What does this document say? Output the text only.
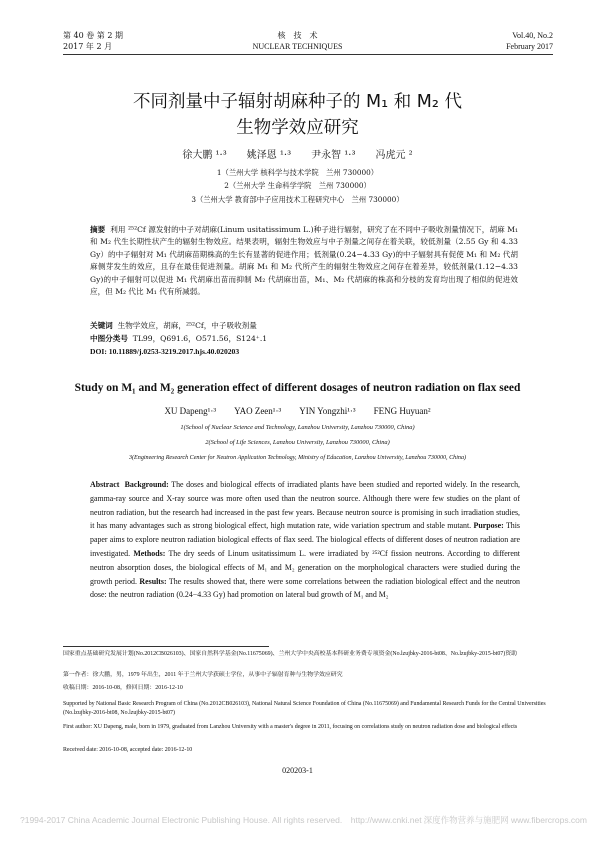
第 40 卷 第 2 期
2017 年 2 月
核　技　术
NUCLEAR TECHNIQUES
Vol.40, No.2
February 2017
不同剂量中子辐射胡麻种子的 M₁ 和 M₂ 代
生物学效应研究
徐大鹏 ¹·³　　姚泽恩 ¹·³　　尹永智 ¹·³　　冯虎元 ²
1（兰州大学 核科学与技术学院　兰州 730000）
2（兰州大学 生命科学学院　兰州 730000）
3（兰州大学 教育部中子应用技术工程研究中心　兰州 730000）
摘要 利用 ²⁵²Cf 源发射的中子对胡麻(Linum usitatissimum L.)种子进行辐射，研究了在不同中子吸收剂量情况下，胡麻 M₁ 和 M₂ 代生长期性状产生的辐射生物效应。结果表明，辐射生物效应与中子剂量之间存在着关联，较低剂量（2.55 Gy 和 4.33 Gy）的中子辐射对 M₁ 代胡麻苗期株高的生长有显著的促进作用；低剂量(0.24−4.33 Gy)的中子辐射具有促使 M₁ 和 M₂ 代胡麻侧芽发生的效应，且存在最佳促进剂量。胡麻 M₁ 和 M₂ 代所产生的辐射生物效应之间存在着差异，较低剂量(1.12−4.33 Gy)的中子辐射可以促进 M₁ 代胡麻出苗而抑制 M₂ 代胡麻出苗，M₁、M₂ 代胡麻的株高和分枝的发育均出现了相似的促进效应，但 M₂ 代比 M₁ 代有所减弱。
关键词 生物学效应，胡麻，²⁵²Cf，中子吸收剂量
中图分类号 TL99，Q691.6，O571.56，S124⁺.1
DOI: 10.11889/j.0253-3219.2017.hjs.40.020203
Study on M₁ and M₂ generation effect of different dosages of neutron radiation on flax seed
XU Dapeng¹·³　　YAO Zeen¹·³　　YIN Yongzhi¹·³　　FENG Huyuan²
1(School of Nuclear Science and Technology, Lanzhou University, Lanzhou 730000, China)
2(School of Life Sciences, Lanzhou University, Lanzhou 730000, China)
3(Engineering Research Center for Neutron Application Technology, Ministry of Education, Lanzhou University, Lanzhou 730000, China)
Abstract Background: The doses and biological effects of irradiated plants have been studied and reported widely. In the research, gamma-ray source and X-ray source was more often used than the neutron source. Although there were few studies on the plant of neutron radiation, but the research had increased in the past few years. Because neutron source is promising in such irradiation studies, it has many advantages such as strong biological effect, high mutation rate, wide variation spectrum and stable mutant. Purpose: This paper aims to explore neutron radiation biological effects of flax seed. The biological effects of different doses of neutron radiation are investigated. Methods: The dry seeds of Linum usitatissimum L. were irradiated by ²⁵²Cf fission neutrons. According to different neutron absorption doses, the biological effects of M₁ and M₂ generation on the morphological characters were studied during the growth period. Results: The results showed that, there were some correlations between the radiation biological effect and the neutron dose: the neutron radiation (0.24−4.33 Gy) had promotion on lateral bud growth of M₁ and M₂
国家重点基础研究发展计划(No.2012CB026103)、国家自然科学基金(No.11675069)、兰州大学中央高校基本科研业务费专项资金(No.lzujbky-2016-bt08、No.lzujbky-2015-bt07)资助
第一作者：徐大鹏，男，1979 年出生，2011 年于兰州大学获硕士学位，从事中子辐射育种与生物学效应研究
收稿日期：2016-10-08，修回日期：2016-12-10
Supported by National Basic Research Program of China (No.2012CB026103), National Natural Science Foundation of China (No.11675069) and Fundamental Research Funds for the Central Universities (No.lzujbky-2016-bt08, No.lzujbky-2015-bt07)
First author: XU Dapeng, male, born in 1979, graduated from Lanzhou University with a master's degree in 2011, focusing on correlations study on neutron radiation dose and biological effects
Received date: 2016-10-08, accepted date: 2016-12-10
020203-1
?1994-2017 China Academic Journal Electronic Publishing House. All rights reserved.　http://www.cnki.net 深度作物营养与施肥网 www.fibercrops.com
